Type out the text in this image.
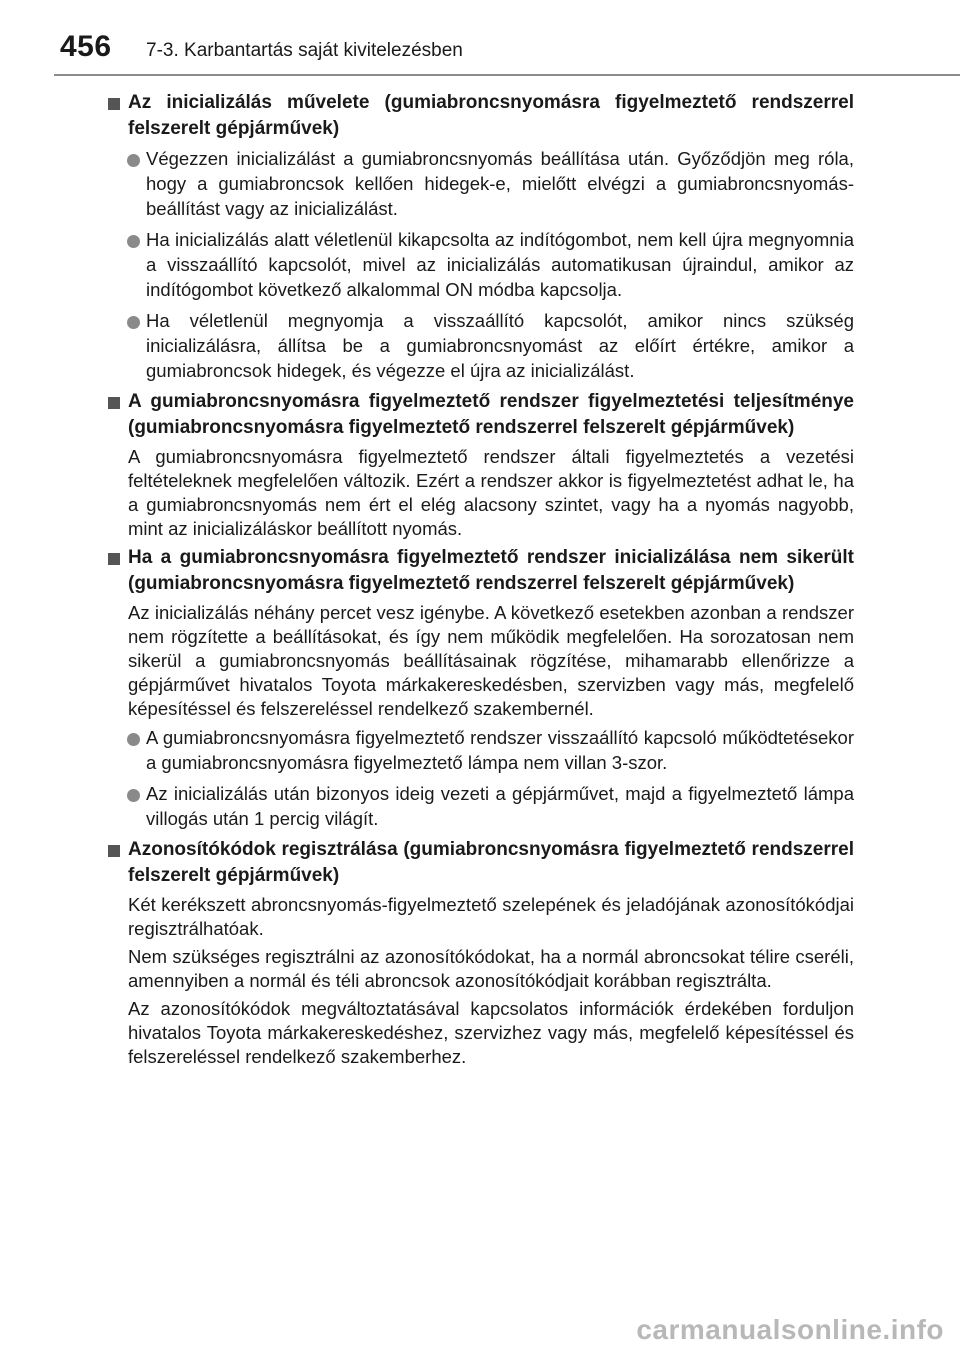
456 7-3. Karbantartás saját kivitelezésben
Az inicializálás művelete (gumiabroncsnyomásra figyelmeztető rendszerrel felszerelt gépjárművek)
Végezzen inicializálást a gumiabroncsnyomás beállítása után. Győződjön meg róla, hogy a gumiabroncsok kellően hidegek-e, mielőtt elvégzi a gumiabroncsnyomás-beállítást vagy az inicializálást.
Ha inicializálás alatt véletlenül kikapcsolta az indítógombot, nem kell újra megnyomnia a visszaállító kapcsolót, mivel az inicializálás automatikusan újraindul, amikor az indítógombot következő alkalommal ON módba kapcsolja.
Ha véletlenül megnyomja a visszaállító kapcsolót, amikor nincs szükség inicializálásra, állítsa be a gumiabroncsnyomást az előírt értékre, amikor a gumiabroncsok hidegek, és végezze el újra az inicializálást.
A gumiabroncsnyomásra figyelmeztető rendszer figyelmeztetési teljesítménye (gumiabroncsnyomásra figyelmeztető rendszerrel felszerelt gépjárművek)

A gumiabroncsnyomásra figyelmeztető rendszer általi figyelmeztetés a vezetési feltételeknek megfelelően változik. Ezért a rendszer akkor is figyelmeztetést adhat le, ha a gumiabroncsnyomás nem ért el elég alacsony szintet, vagy ha a nyomás nagyobb, mint az inicializáláskor beállított nyomás.

Ha a gumiabroncsnyomásra figyelmeztető rendszer inicializálása nem sikerült (gumiabroncsnyomásra figyelmeztető rendszerrel felszerelt gépjárművek)

Az inicializálás néhány percet vesz igénybe. A következő esetekben azonban a rendszer nem rögzítette a beállításokat, és így nem működik megfelelően. Ha sorozatosan nem sikerül a gumiabroncsnyomás beállításainak rögzítése, mihamarabb ellenőrizze a gépjárművet hivatalos Toyota márkakereskedésben, szervizben vagy más, megfelelő képesítéssel és felszereléssel rendelkező szakembernél.

A gumiabroncsnyomásra figyelmeztető rendszer visszaállító kapcsoló működtetésekor a gumiabroncsnyomásra figyelmeztető lámpa nem villan 3-szor.
Az inicializálás után bizonyos ideig vezeti a gépjárművet, majd a figyelmeztető lámpa villogás után 1 percig világít.
Azonosítókódok regisztrálása (gumiabroncsnyomásra figyelmeztető rendszerrel felszerelt gépjárművek)

Két kerékszett abroncsnyomás-figyelmeztető szelepének és jeladójának azonosítókódjai regisztrálhatóak.

Nem szükséges regisztrálni az azonosítókódokat, ha a normál abroncsokat télire cseréli, amennyiben a normál és téli abroncsok azonosítókódjait korábban regisztrálta.

Az azonosítókódok megváltoztatásával kapcsolatos információk érdekében forduljon hivatalos Toyota márkakereskedéshez, szervizhez vagy más, megfelelő képesítéssel és felszereléssel rendelkező szakemberhez.

carmanualsonline.info
